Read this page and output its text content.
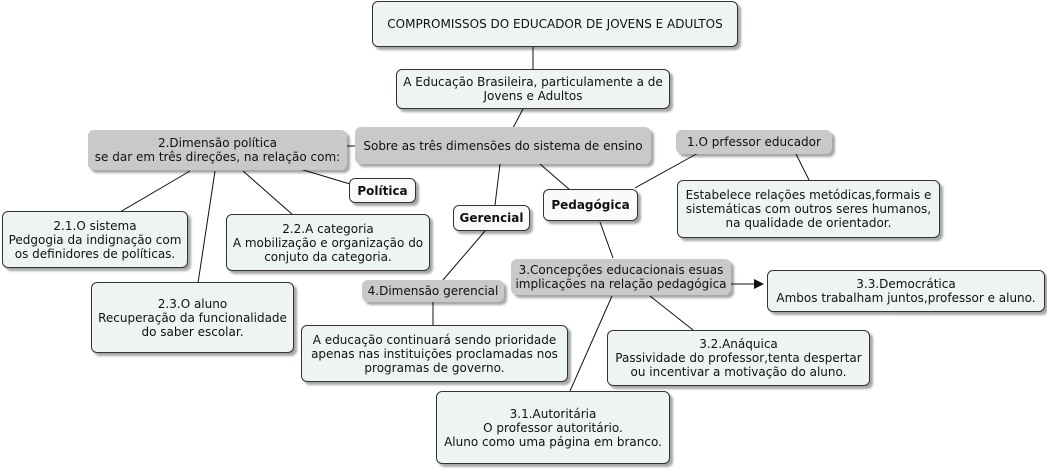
COMPROMISSOS DO EDUCADOR DE JOVENS E ADULTOS
A Educação Brasileira, particulamente a de
Jovens e Adultos
2.Dimensão política
se dar em três direções, na relação com:
Sobre as três dimensões do sistema de ensino	1.O prfessor educador
Política
Gerencial
Pedagógica
Estabelece relações metódicas,formais e
sistemáticas com outros seres humanos,
na qualidade de orientador.
2.1.O sistema
Pedgogia da indignação com
os definidores de políticas.
2.2.A categoria
A mobilização e organização do
conjuto da categoria.
2.3.O aluno
Recuperação da funcionalidade
do saber escolar.
4.Dimensão gerencial
3.Concepções educacionais esuas
implicações na relação pedagógica	3.3.Democrática
Ambos trabalham juntos,professor e aluno.
A educação continuará sendo prioridade
apenas nas instituições proclamadas nos
programas de governo.
3.2.Anáquica
Passividade do professor,tenta despertar
ou incentivar a motivação do aluno.
3.1.Autoritária
O professor autoritário.
Aluno como uma página em branco.
